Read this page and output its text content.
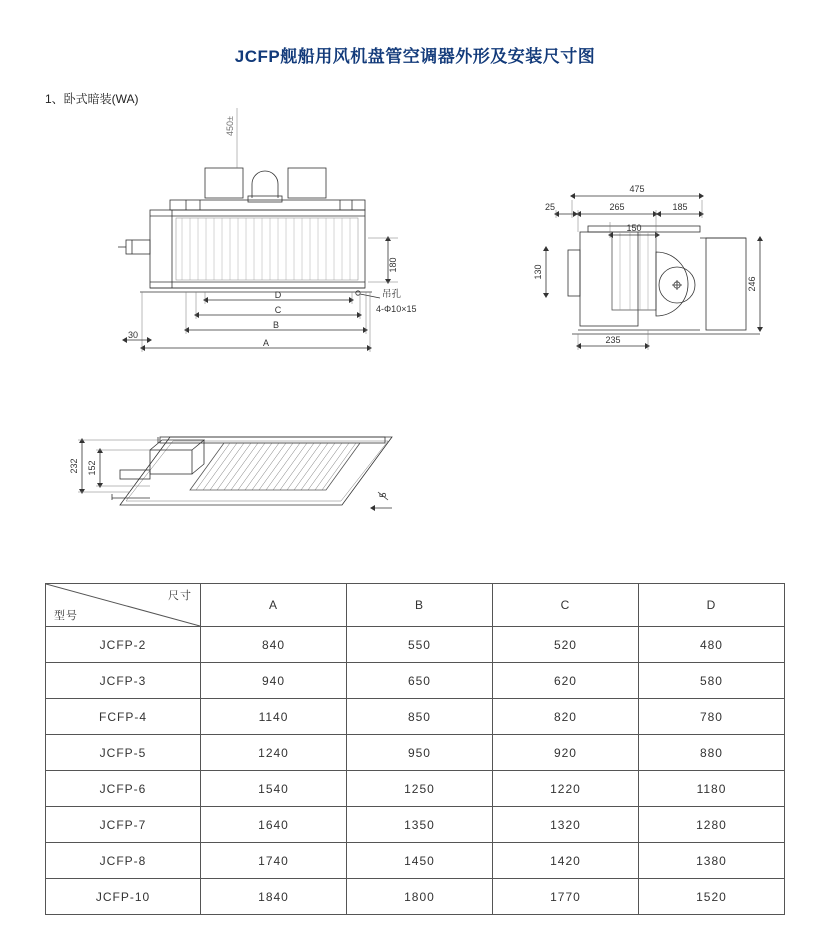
JCFP舰船用风机盘管空调器外形及安装尺寸图
1、卧式暗装(WA)
180
D
C
B
A
30
吊孔
4-Φ10×15
450±
475
25	265	185
150
130
246
235
232 152
5
尺寸
型号	A	B	C	D
JCFP-2	840	550	520	480
JCFP-3	940	650	620	580
FCFP-4	1140	850	820	780
JCFP-5	1240	950	920	880
JCFP-6	1540	1250	1220	1180
JCFP-7	1640	1350	1320	1280
JCFP-8	1740	1450	1420	1380
JCFP-10	1840	1800	1770	1520
